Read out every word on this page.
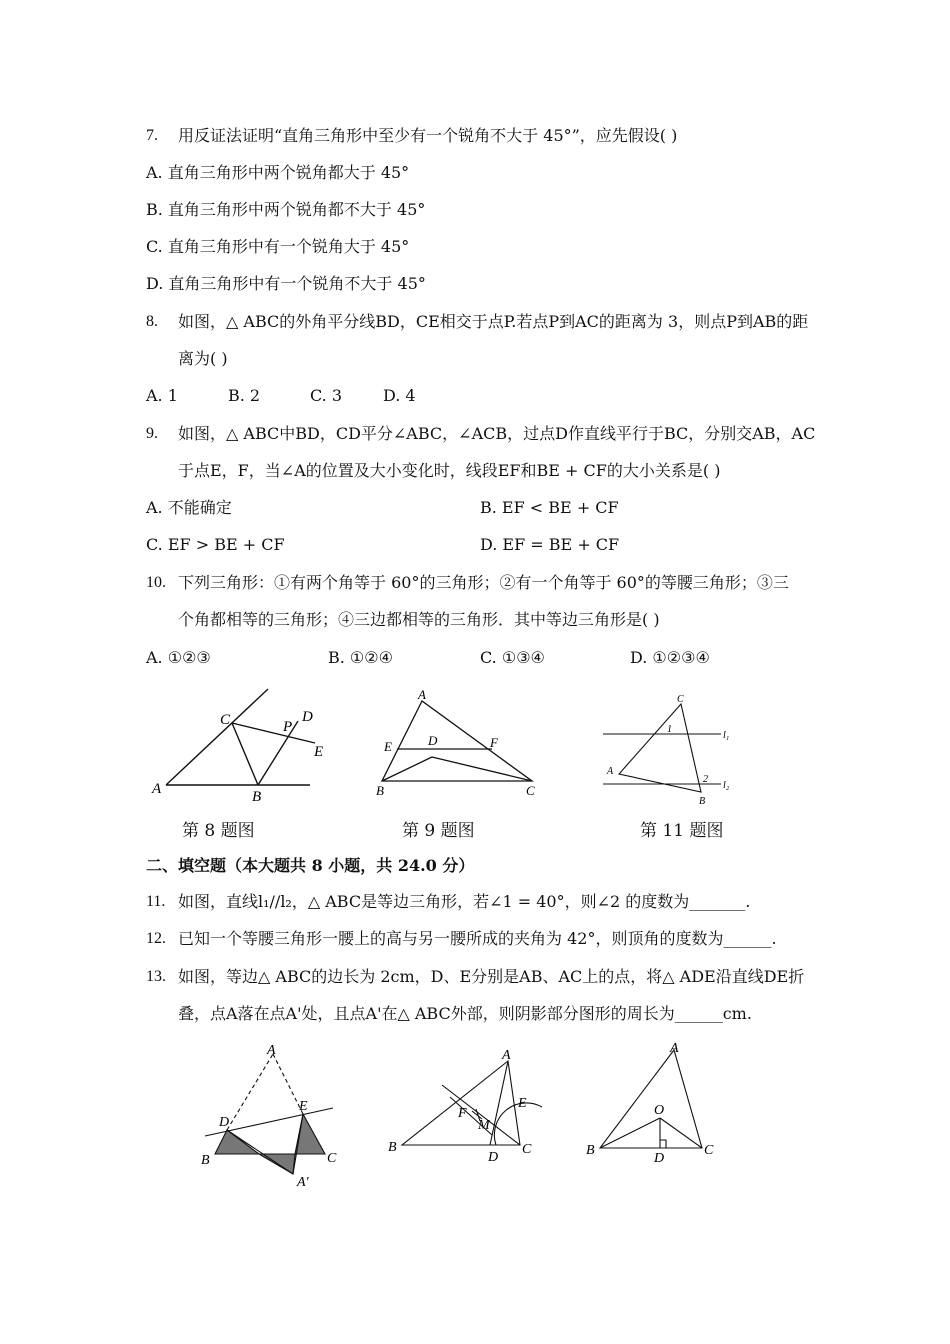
7. 用反证法证明“直角三角形中至少有一个锐角不大于 45°”，应先假设( )
A. 直角三角形中两个锐角都大于 45°
B. 直角三角形中两个锐角都不大于 45°
C. 直角三角形中有一个锐角大于 45°
D. 直角三角形中有一个锐角不大于 45°
8. 如图，△ ABC的外角平分线BD，CE相交于点P.若点P到AC的距离为 3，则点P到AB的距
离为( )
A. 1	B. 2	C. 3	D. 4
9. 如图，△ ABC中BD，CD平分∠ABC，∠ACB，过点D作直线平行于BC，分别交AB，AC
于点E，F，当∠A的位置及大小变化时，线段EF和BE + CF的大小关系是( )
A. 不能确定	B. EF < BE + CF
C. EF > BE + CF	D. EF = BE + CF
10. 下列三角形：①有两个角等于 60°的三角形；②有一个角等于 60°的等腰三角形；③三
个角都相等的三角形；④三边都相等的三角形．其中等边三角形是( )
A. ①②③	B. ①②④	C. ①③④	D. ①②③④
C	P
D
E
A	B
A
E	D	F
B	C
C
1
l₁
A
2
l₂
B
第 8 题图	第 9 题图	第 11 题图
二、填空题（本大题共 8 小题，共 24.0 分）
11. 如图，直线l₁//l₂，△ ABC是等边三角形，若∠1 = 40°，则∠2 的度数为_______.
12. 已知一个等腰三角形一腰上的高与另一腰所成的夹角为 42°，则顶角的度数为______.
13. 如图，等边△ ABC的边长为 2cm，D、E分别是AB、AC上的点，将△ ADE沿直线DE折
叠，点A落在点A'处，且点A'在△ ABC外部，则阴影部分图形的周长为______cm.
A
D
E
B	C
A′
A
F
E
M
B
D
C
A
O
B
D
C
